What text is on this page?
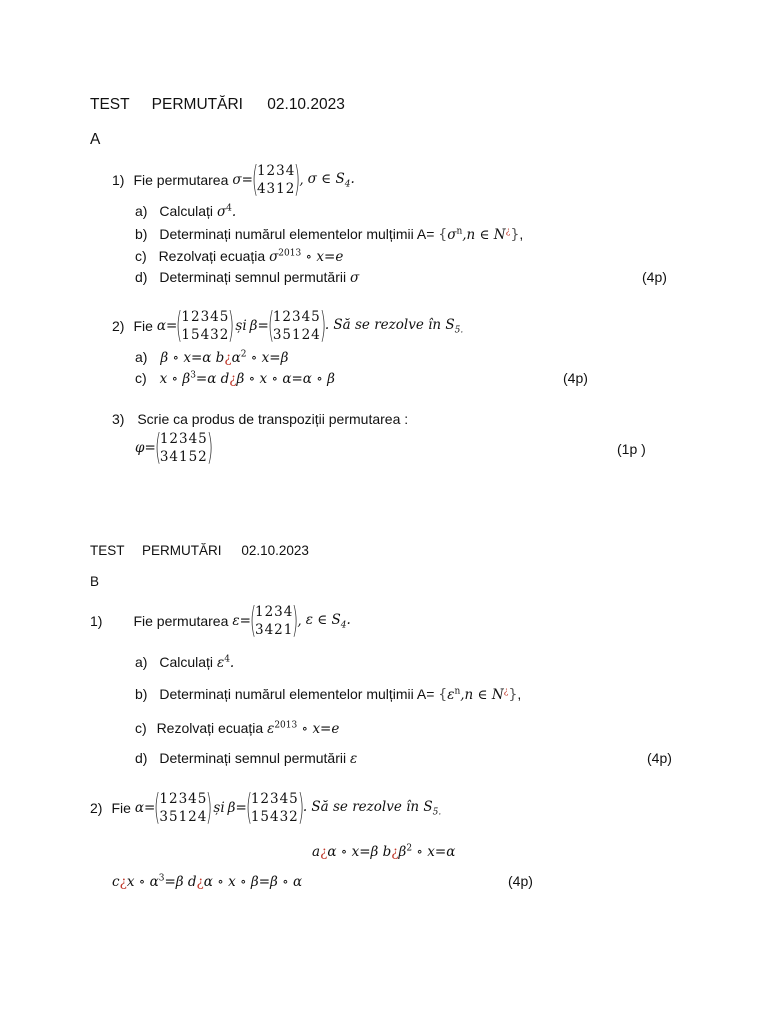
TEST PERMUTĂRI 02.10.2023
A
1) Fie permutarea σ =
(
1234
4312
)
, σ ∈ $S_4$.
a) Calculați $\sigma^4$.
b) Determinați numărul elementelor mulțimii $A= \{\sigma^n,n$ ∈ N¿},
c) Rezolvați ecuația $\sigma^{2013}$ ∘ x=e
d) Determinați semnul permutării σ	(4p)
2) Fie α=
(
12345
15432
) și β=
(
12345
35124
)
. Să se rezolve în $S_{5.}$
a) β ∘ x=α $b¿\alpha^2$ ∘ x=β
c) x ∘ $\beta^3=\alpha$ d¿β ∘ x ∘ α=α ∘ β	(4p)
3) Scrie ca produs de transpoziții permutarea :
φ=
(
12345
34152
)	(1p )
TEST PERMUTĂRI 02.10.2023
B
1) Fie permutarea ε =
(
1234
3421
)
, ε ∈ $S_4$.
a) Calculați $\varepsilon^4$.
b) Determinați numărul elementelor mulțimii $A= \{\varepsilon^n,n$ ∈ N¿},
c) Rezolvați ecuația $\varepsilon^{2013}$ ∘ x=e
d) Determinați semnul permutării ε	(4p)
2) Fie α=
(
12345
35124
) și β=
(
12345
15432
)
. Să se rezolve în $S_{5.}$
a¿α ∘ x=β $b¿\beta^2$ ∘ x=α
c¿x ∘ $\alpha^3=\beta$ d¿α ∘ x ∘ β=β ∘ α	(4p)
